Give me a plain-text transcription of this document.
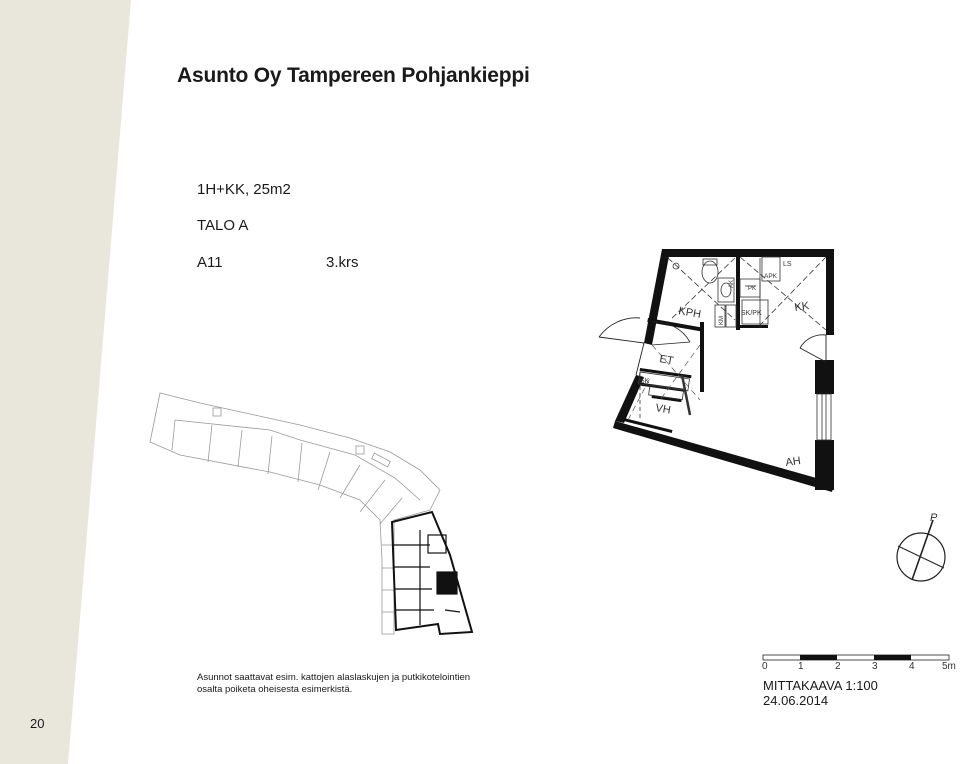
Asunto Oy Tampereen Pohjankieppi
1H+KK, 25m2
TALO A
A11	3.krs
KPH	KK
ET
VH
AH
SK
SK/PK
PK
LS
APK
AK
KM
P
0	1	2	3	4	5m
Asunnot saattavat esim. kattojen alaslaskujen ja putkikotelointien
osalta poiketa oheisesta esimerkistä.	MITTAKAAVA 1:100
24.06.2014
20
